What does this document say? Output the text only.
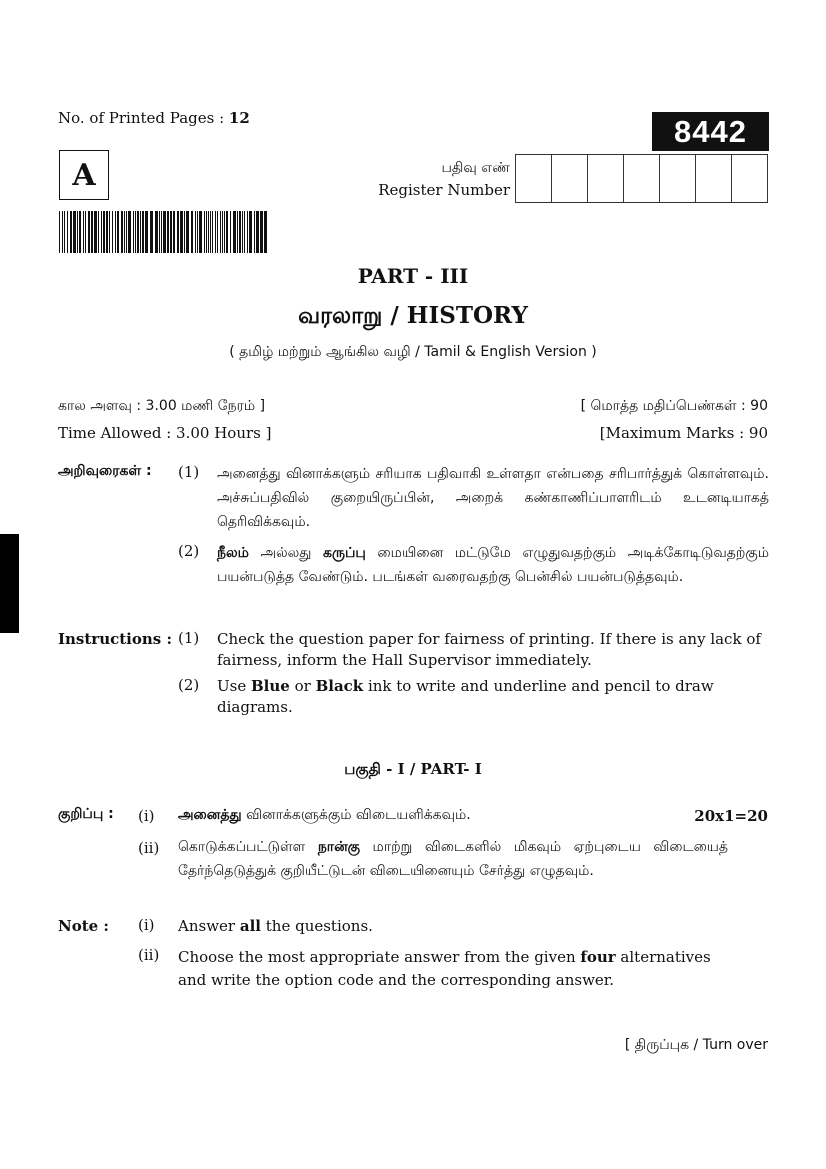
No. of Printed Pages : 12	8442
A	பதிவு எண்
Register Number
PART - III
வரலாறு / HISTORY
( தமிழ் மற்றும் ஆங்கில வழி / Tamil & English Version )
கால அளவு : 3.00 மணி நேரம் ]
Time Allowed : 3.00 Hours ]
[ மொத்த மதிப்பெண்கள் : 90
[Maximum Marks : 90
அறிவுரைகள் : (1) அனைத்து வினாக்களும் சரியாக பதிவாகி உள்ளதா என்பதை சரிபார்த்துக் கொள்ளவும். அச்சுப்பதிவில் குறையிருப்பின், அறைக் கண்காணிப்பாளரிடம் உடனடியாகத் தெரிவிக்கவும்.
(2) நீலம் அல்லது கருப்பு மையினை மட்டுமே எழுதுவதற்கும் அடிக்கோடிடுவதற்கும் பயன்படுத்த வேண்டும். படங்கள் வரைவதற்கு பென்சில் பயன்படுத்தவும்.
Instructions : (1) Check the question paper for fairness of printing. If there is any lack of fairness, inform the Hall Supervisor immediately.
(2) Use Blue or Black ink to write and underline and pencil to draw diagrams.
பகுதி - I / PART- I
குறிப்பு : (i) அனைத்து வினாக்களுக்கும் விடையளிக்கவும்.	20x1=20
(ii) கொடுக்கப்பட்டுள்ள நான்கு மாற்று விடைகளில் மிகவும் ஏற்புடைய விடையைத் தேர்ந்தெடுத்துக் குறியீட்டுடன் விடையினையும் சேர்த்து எழுதவும்.
Note : (i) Answer all the questions.
(ii) Choose the most appropriate answer from the given four alternatives and write the option code and the corresponding answer.
[ திருப்புக / Turn over
